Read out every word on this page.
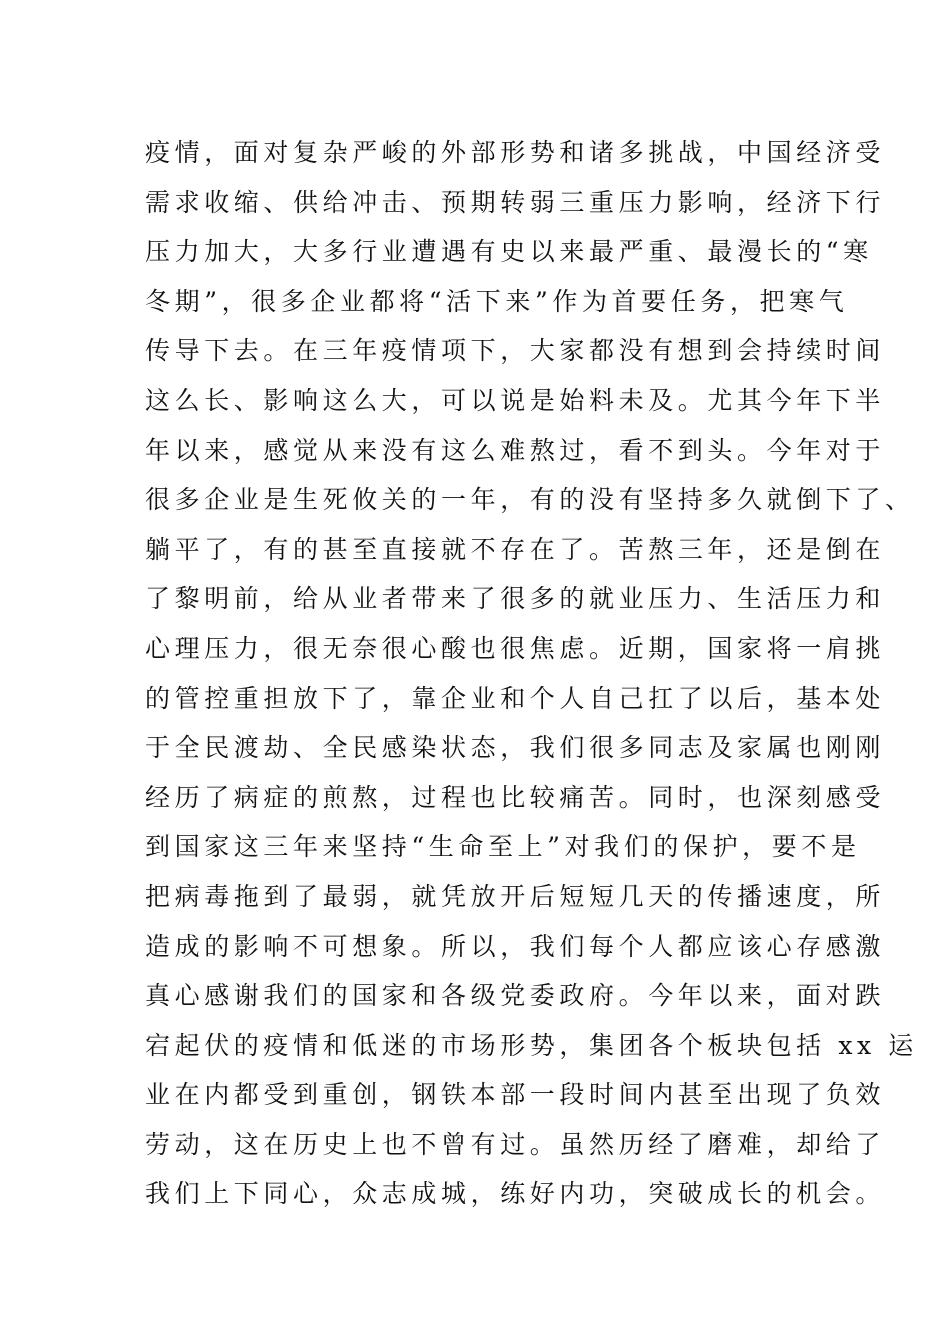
疫情，面对复杂严峻的外部形势和诸多挑战，中国经济受
需求收缩、供给冲击、预期转弱三重压力影响，经济下行
压力加大，大多行业遭遇有史以来最严重、最漫长的“寒
冬期”，很多企业都将“活下来”作为首要任务，把寒气
传导下去。在三年疫情项下，大家都没有想到会持续时间
这么长、影响这么大，可以说是始料未及。尤其今年下半
年以来，感觉从来没有这么难熬过，看不到头。今年对于
很多企业是生死攸关的一年，有的没有坚持多久就倒下了、
躺平了，有的甚至直接就不存在了。苦熬三年，还是倒在
了黎明前，给从业者带来了很多的就业压力、生活压力和
心理压力，很无奈很心酸也很焦虑。近期，国家将一肩挑
的管控重担放下了，靠企业和个人自己扛了以后，基本处
于全民渡劫、全民感染状态，我们很多同志及家属也刚刚
经历了病症的煎熬，过程也比较痛苦。同时，也深刻感受
到国家这三年来坚持“生命至上”对我们的保护，要不是
把病毒拖到了最弱，就凭放开后短短几天的传播速度，所
造成的影响不可想象。所以，我们每个人都应该心存感激
真心感谢我们的国家和各级党委政府。今年以来，面对跌
宕起伏的疫情和低迷的市场形势，集团各个板块包括 xx 运
业在内都受到重创，钢铁本部一段时间内甚至出现了负效
劳动，这在历史上也不曾有过。虽然历经了磨难，却给了
我们上下同心，众志成城，练好内功，突破成长的机会。
